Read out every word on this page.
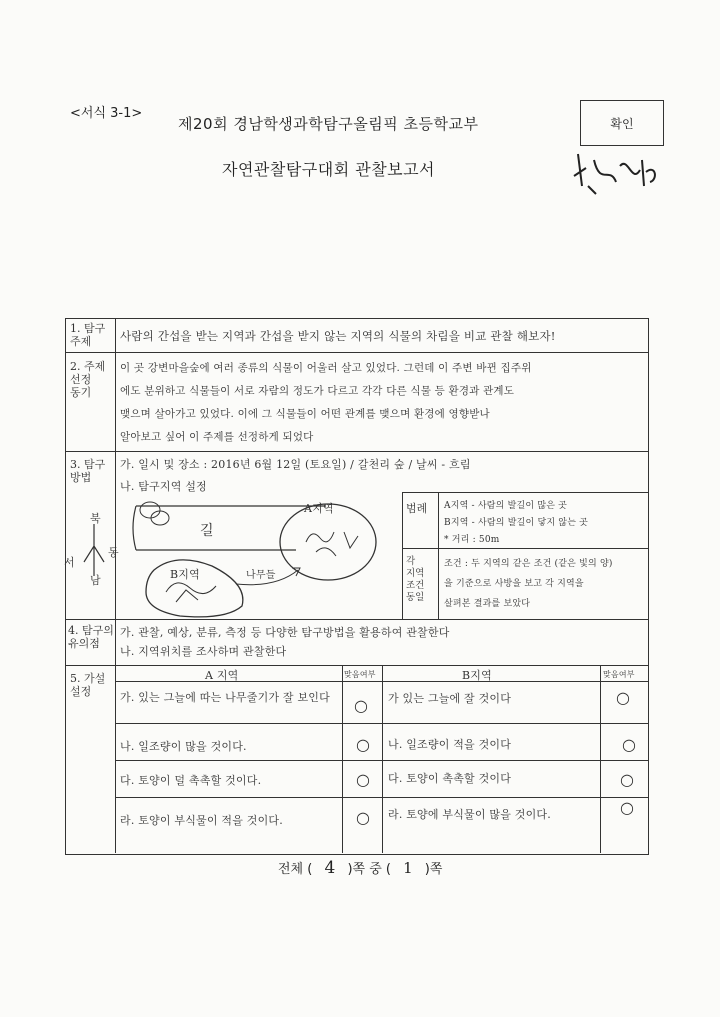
<서식 3-1>
제20회 경남학생과학탐구올림픽 초등학교부
자연관찰탐구대회 관찰보고서
확인
1. 탐구
주제	사람의 간섭을 받는 지역과 간섭을 받지 않는 지역의 식물의 차림을 비교 관찰 해보자!
2. 주제
선정
동기
이 곳 강변마을숲에 여러 종류의 식물이 어울러 살고 있었다. 그런데 이 주변 바뀐 집주위
에도 분위하고 식물들이 서로 자람의 정도가 다르고 각각 다른 식물 등 환경과 관계도
맺으며 살아가고 있었다. 이에 그 식물들이 어떤 관계를 맺으며 환경에 영향받나
알아보고 싶어 이 주제를 선정하게 되었다
3. 탐구
방법
가. 일시 및 장소 : 2016년 6월 12일 (토요일) / 갈천리 숲 / 날씨 - 흐림
나. 탐구지역 설정
길
A지역
B지역	나무들
북
남
서
동
범례 A지역 - 사람의 발길이 많은 곳
B지역 - 사람의 발길이 닿지 않는 곳
* 거리 : 50m
각
지역
조건
동일
조건 : 두 지역의 같은 조건 (같은 빛의 양)
을 기준으로 사방을 보고 각 지역을
살펴본 결과를 보았다
4. 탐구의
유의점
가. 관찰, 예상, 분류, 측정 등 다양한 탐구방법을 활용하여 관찰한다
나. 지역위치를 조사하며 관찰한다
5. 가설
설정
A 지역	맞음여부	B지역	맞음여부
가. 있는 그늘에 따는 나무줄기가 잘 보인다	○ 가 있는 그늘에 잘 것이다	○
나. 일조량이 많을 것이다.	○ 나. 일조량이 적을 것이다	○
다. 토양이 덜 촉촉할 것이다.	○ 다. 토양이 촉촉할 것이다	○
라. 토양이 부식물이 적을 것이다.	○ 라. 토양에 부식물이 많을 것이다.	○
전체 ( 4 )쪽 중 ( 1 )쪽
